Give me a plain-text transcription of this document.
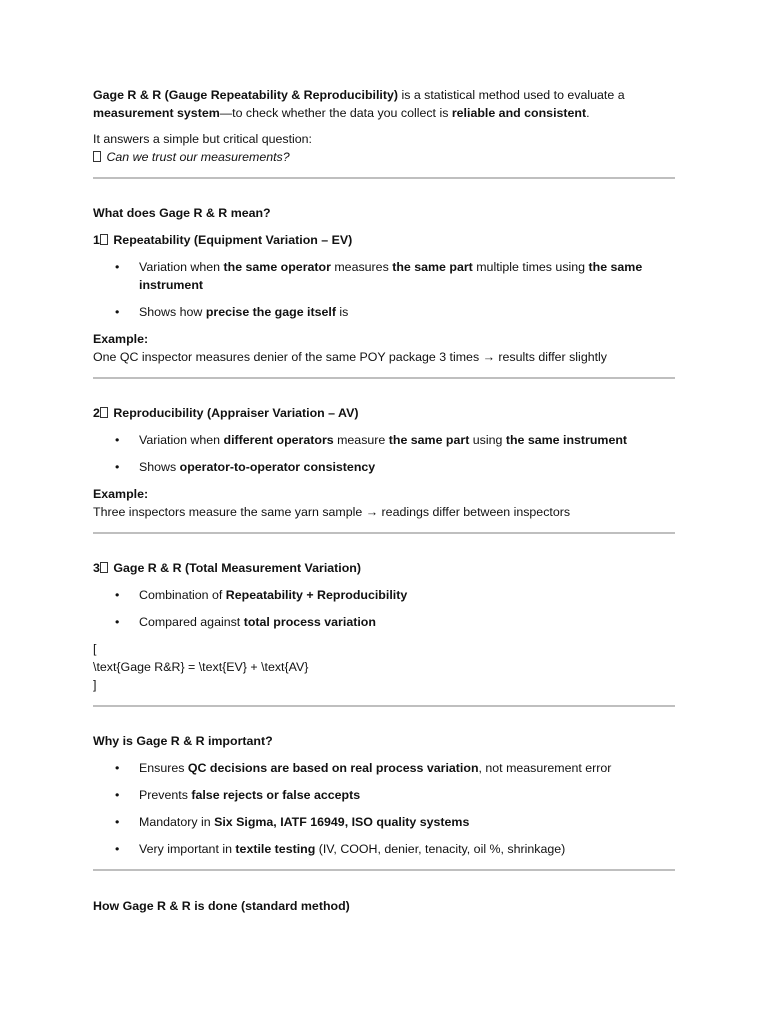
Gage R & R (Gauge Repeatability & Reproducibility) is a statistical method used to evaluate a measurement system—to check whether the data you collect is reliable and consistent.

It answers a simple but critical question:

Can we trust our measurements?

What does Gage R & R mean?

1 Repeatability (Equipment Variation – EV)

• Variation when the same operator measures the same part multiple times using the same instrument
• Shows how precise the gage itself is

Example:

One QC inspector measures denier of the same POY package 3 times → results differ slightly

2 Reproducibility (Appraiser Variation – AV)

• Variation when different operators measure the same part using the same instrument
• Shows operator-to-operator consistency

Example:

Three inspectors measure the same yarn sample → readings differ between inspectors

3 Gage R & R (Total Measurement Variation)

• Combination of Repeatability + Reproducibility
• Compared against total process variation

[

\text{Gage R&R} = \text{EV} + \text{AV}

]

Why is Gage R & R important?

• Ensures QC decisions are based on real process variation, not measurement error
• Prevents false rejects or false accepts
• Mandatory in Six Sigma, IATF 16949, ISO quality systems
• Very important in textile testing (IV, COOH, denier, tenacity, oil %, shrinkage)

How Gage R & R is done (standard method)
